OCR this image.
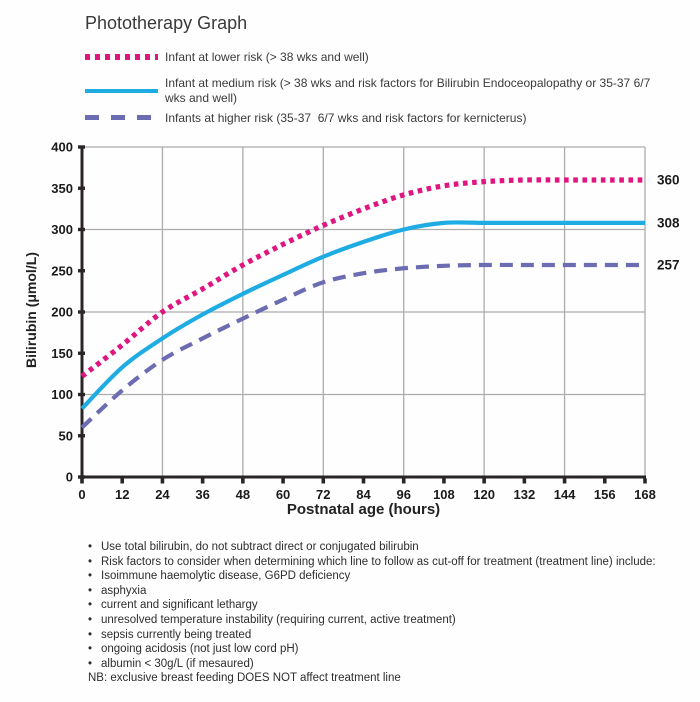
Phototherapy Graph
Infant at lower risk (> 38 wks and well)
Infant at medium risk (> 38 wks and risk factors for Bilirubin Endoceopalopathy or 35-37 6/7 wks and well)
Infants at higher risk (35-37  6/7 wks and risk factors for kernicterus)
0
50
100
150
200
250
300
350
400
0 12 24 36 48 60 72 84 96 108 120 132 144 156 168
360
308
257
Postnatal age (hours)
Bilirubin (μmol/L)
• Use total bilirubin, do not subtract direct or conjugated bilirubin
• Risk factors to consider when determining which line to follow as cut-off for treatment (treatment line) include:
• Isoimmune haemolytic disease, G6PD deficiency
• asphyxia
• current and significant lethargy
• unresolved temperature instability (requiring current, active treatment)
• sepsis currently being treated
• ongoing acidosis (not just low cord pH)
• albumin < 30g/L (if mesaured)
NB: exclusive breast feeding DOES NOT affect treatment line
